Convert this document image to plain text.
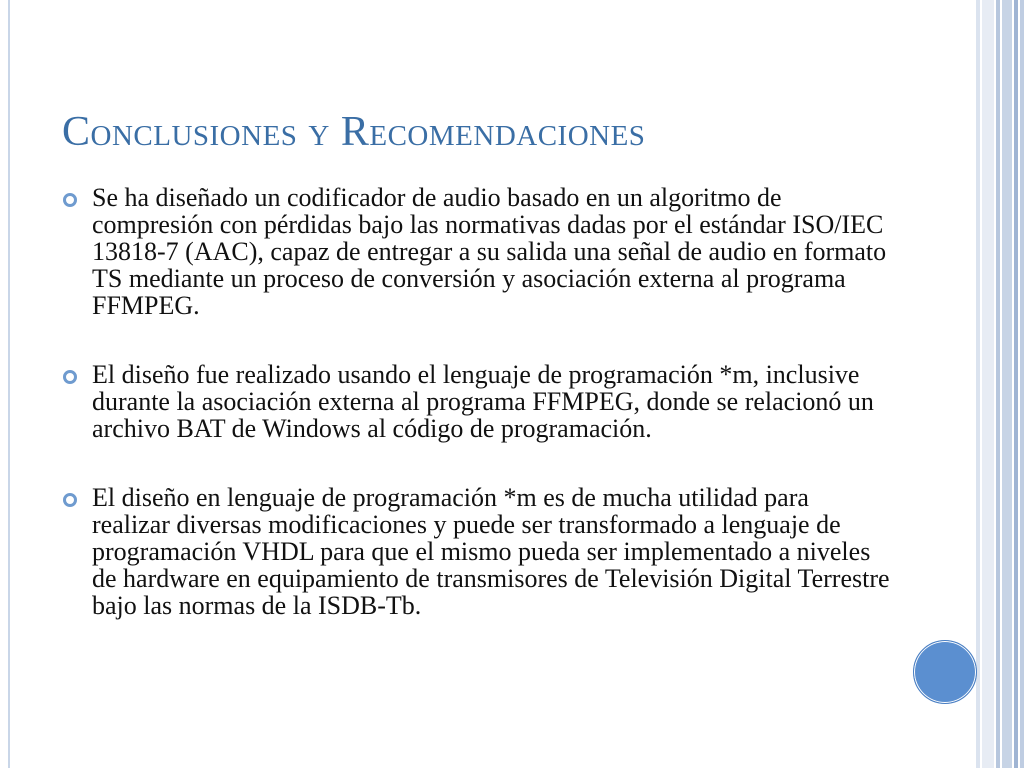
Conclusiones y Recomendaciones
Se ha diseñado un codificador de audio basado en un algoritmo de compresión con pérdidas bajo las normativas dadas por el estándar ISO/IEC 13818-7 (AAC), capaz de entregar a su salida una señal de audio en formato TS mediante un proceso de conversión y asociación externa al programa FFMPEG.
El diseño fue realizado usando el lenguaje de programación *m, inclusive durante la asociación externa al programa FFMPEG, donde se relacionó un archivo BAT de Windows al código de programación.
El diseño en lenguaje de programación *m es de mucha utilidad para realizar diversas modificaciones y puede ser transformado a lenguaje de programación VHDL para que el mismo pueda ser implementado a niveles de hardware en equipamiento de transmisores de Televisión Digital Terrestre bajo las normas de la ISDB-Tb.
